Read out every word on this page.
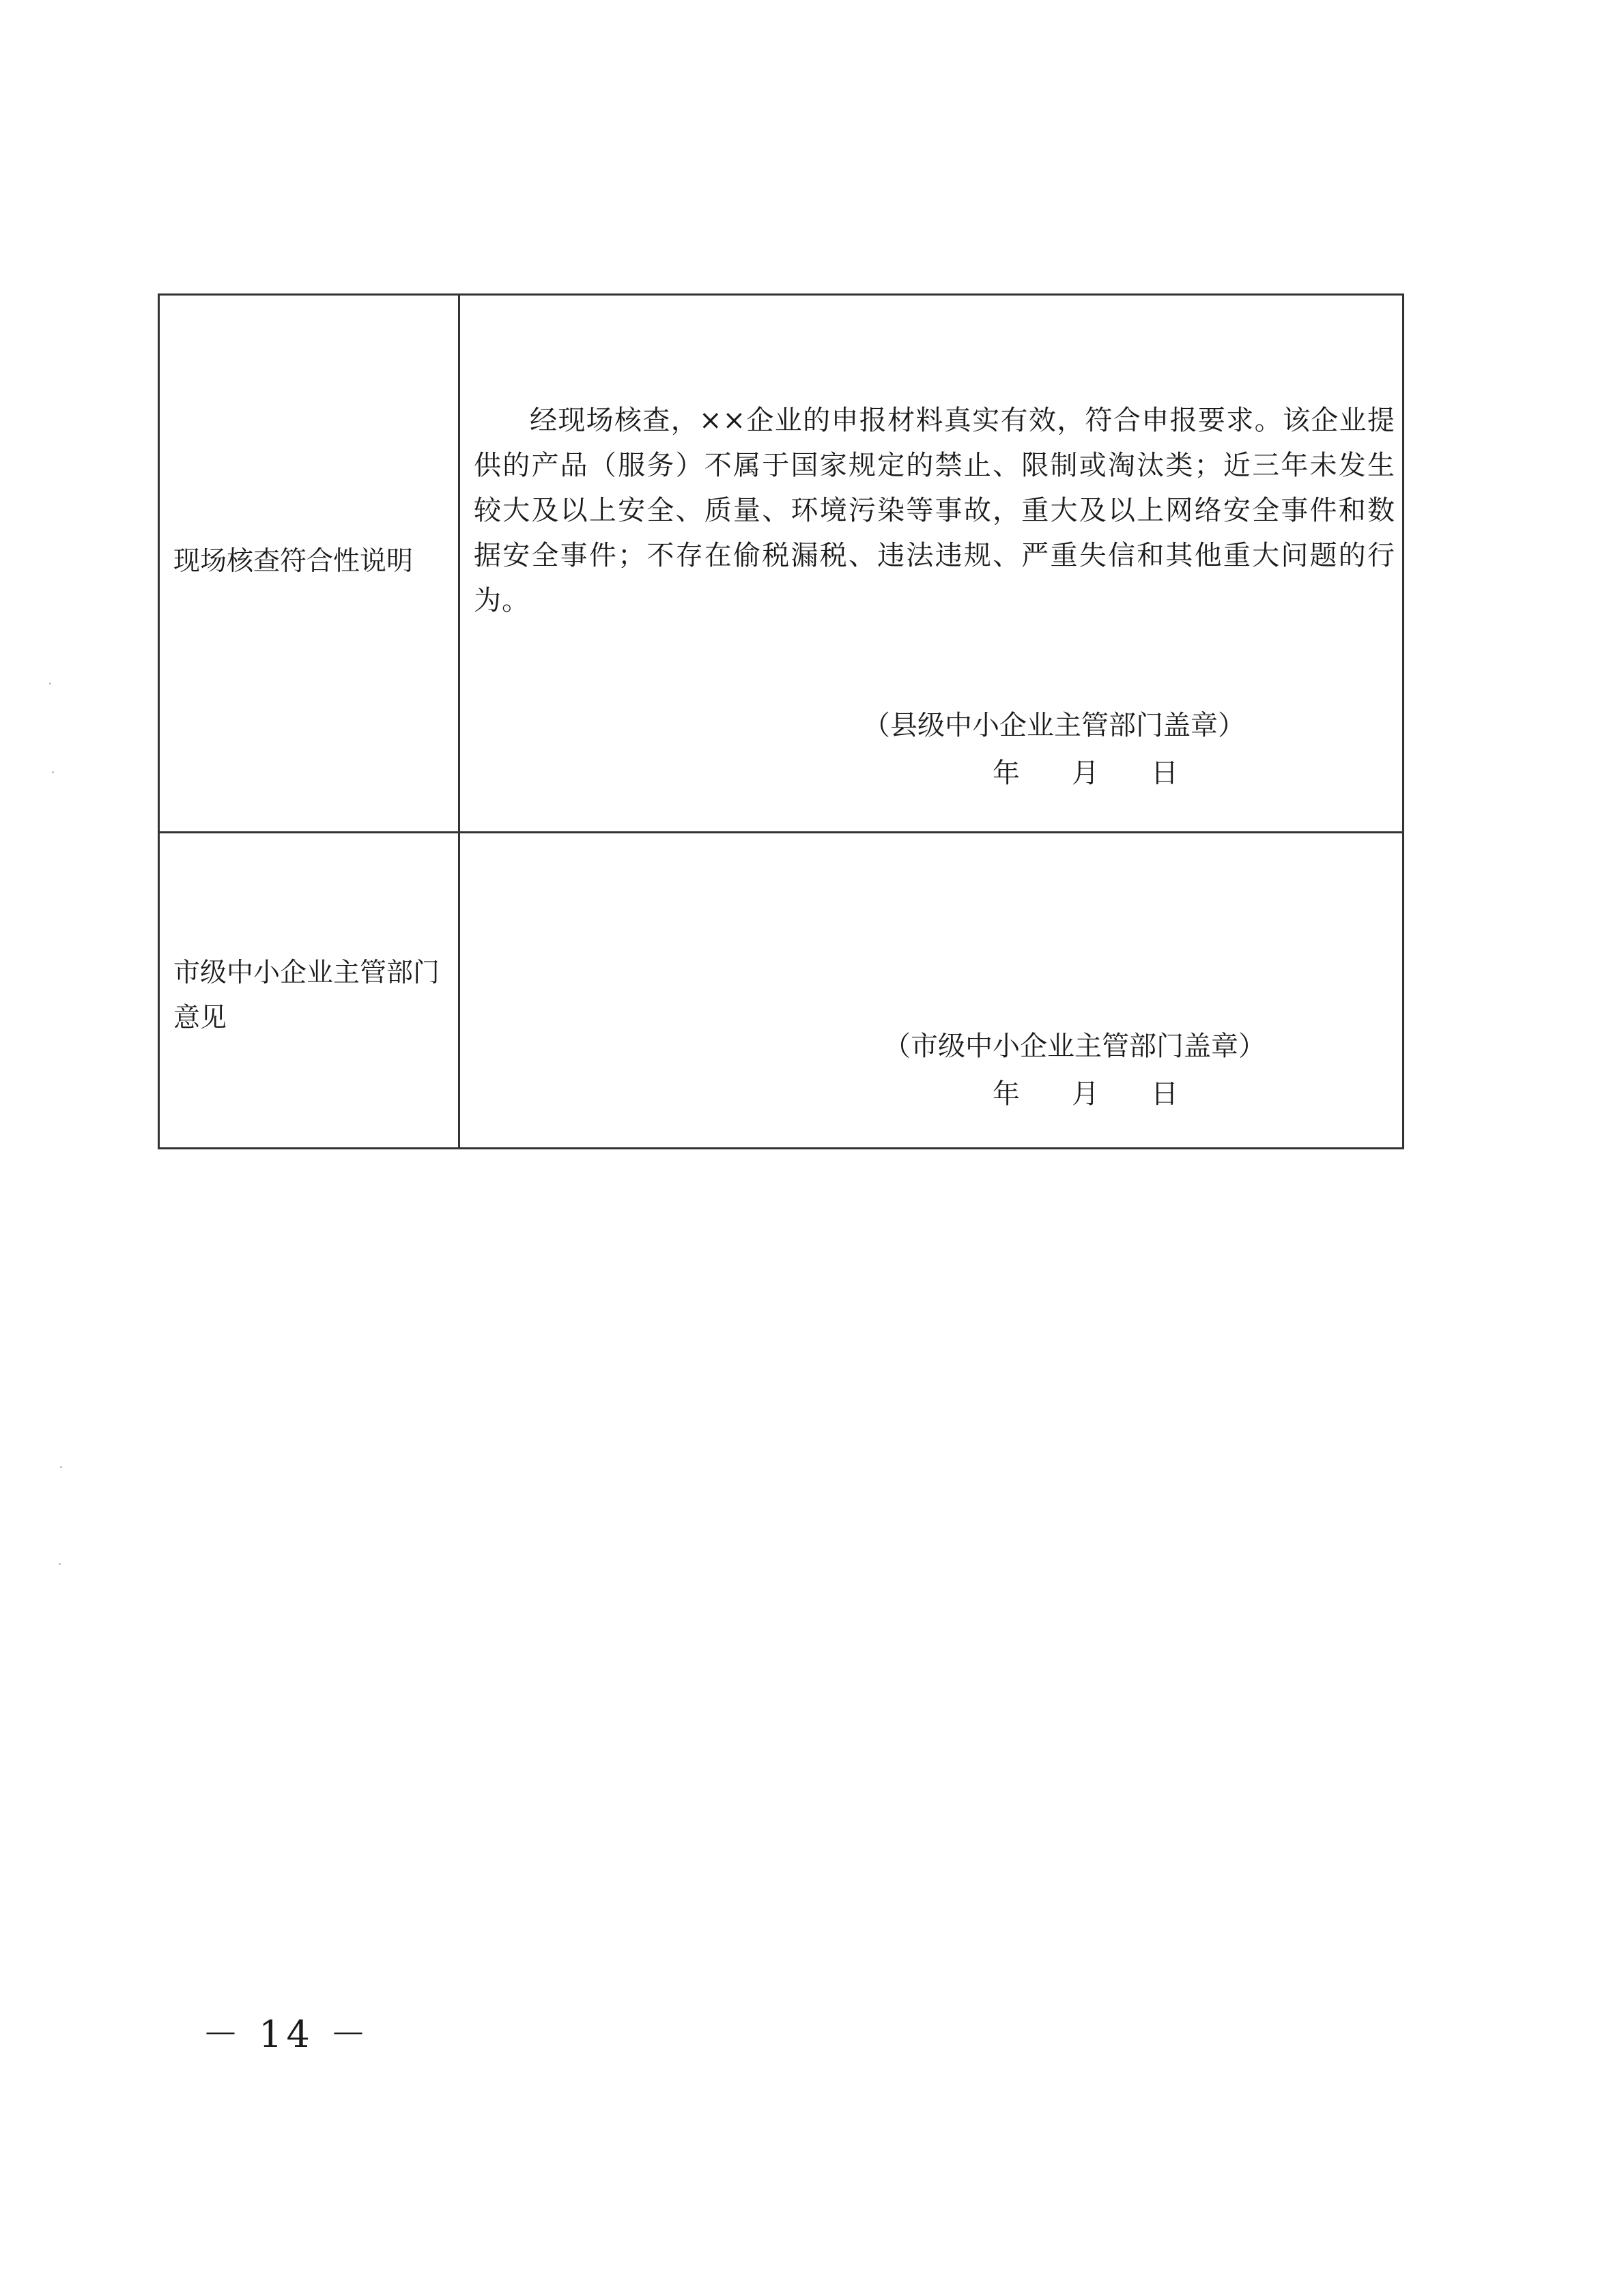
现场核查符合性说明
经现场核查，××企业的申报材料真实有效，符合申报要求。该企业提供的产品（服务）不属于国家规定的禁止、限制或淘汰类；近三年未发生较大及以上安全、质量、环境污染等事故，重大及以上网络安全事件和数据安全事件；不存在偷税漏税、违法违规、严重失信和其他重大问题的行为。
（县级中小企业主管部门盖章）
年 月 日
市级中小企业主管部门意见
（市级中小企业主管部门盖章）
年 月 日
－ 14 －
